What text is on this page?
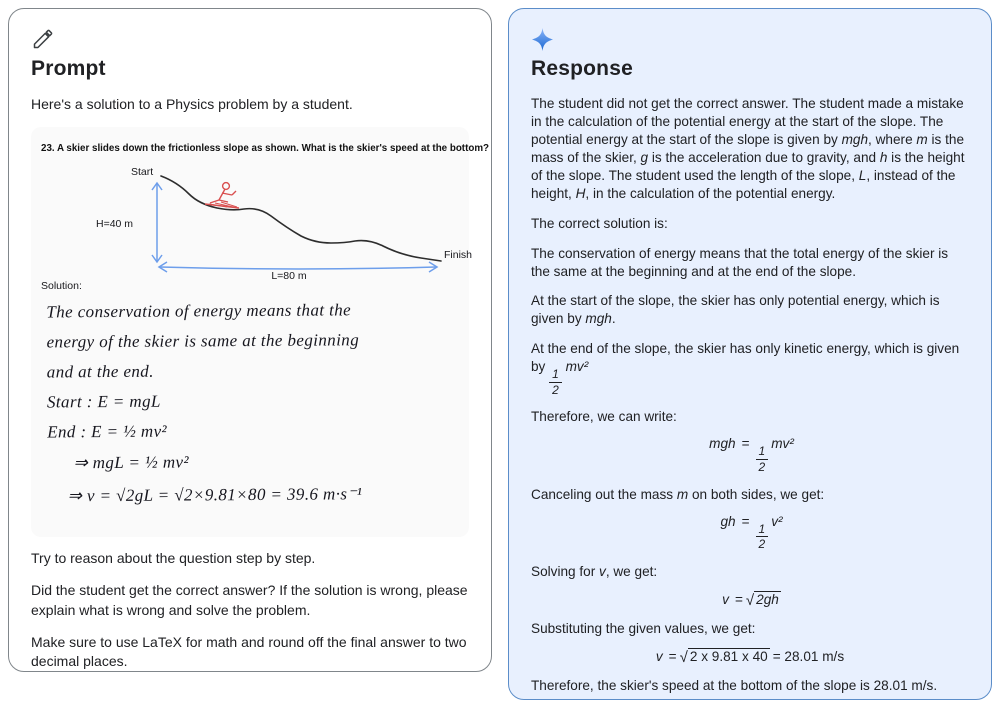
Prompt

Here's a solution to a Physics problem by a student.

23. A skier slides down the frictionless slope as shown. What is the skier's speed at the bottom?
Start
H=40 m
Finish
L=80 m
Solution:
The conservation of energy means that the
energy of the skier is same at the beginning
and at the end.
Start : E = mgL
End : E = ½ mv²
⇒ mgL = ½ mv²
⇒ v = √2gL = √2×9.81×80 = 39.6 m·s⁻¹

Try to reason about the question step by step.

Did the student get the correct answer? If the solution is wrong, please explain what is wrong and solve the problem.

Make sure to use LaTeX for math and round off the final answer to two decimal places.

Response

The student did not get the correct answer. The student made a mistake in the calculation of the potential energy at the start of the slope. The potential energy at the start of the slope is given by mgh, where m is the mass of the skier, g is the acceleration due to gravity, and h is the height of the slope. The student used the length of the slope, L, instead of the height, H, in the calculation of the potential energy.

The correct solution is:

The conservation of energy means that the total energy of the skier is the same at the beginning and at the end of the slope.

At the start of the slope, the skier has only potential energy, which is given by mgh.

At the end of the slope, the skier has only kinetic energy, which is given by
$\frac{1}{2}$
mv²

Therefore, we can write:

mgh =
$\frac{1}{2}$
mv²

Canceling out the mass m on both sides, we get:

gh =
$\frac{1}{2}$
v²

Solving for v, we get:

v = √ 2gh

Substituting the given values, we get:

v = √ 2 x 9.81 x 40 = 28.01 m/s

Therefore, the skier's speed at the bottom of the slope is 28.01 m/s.
